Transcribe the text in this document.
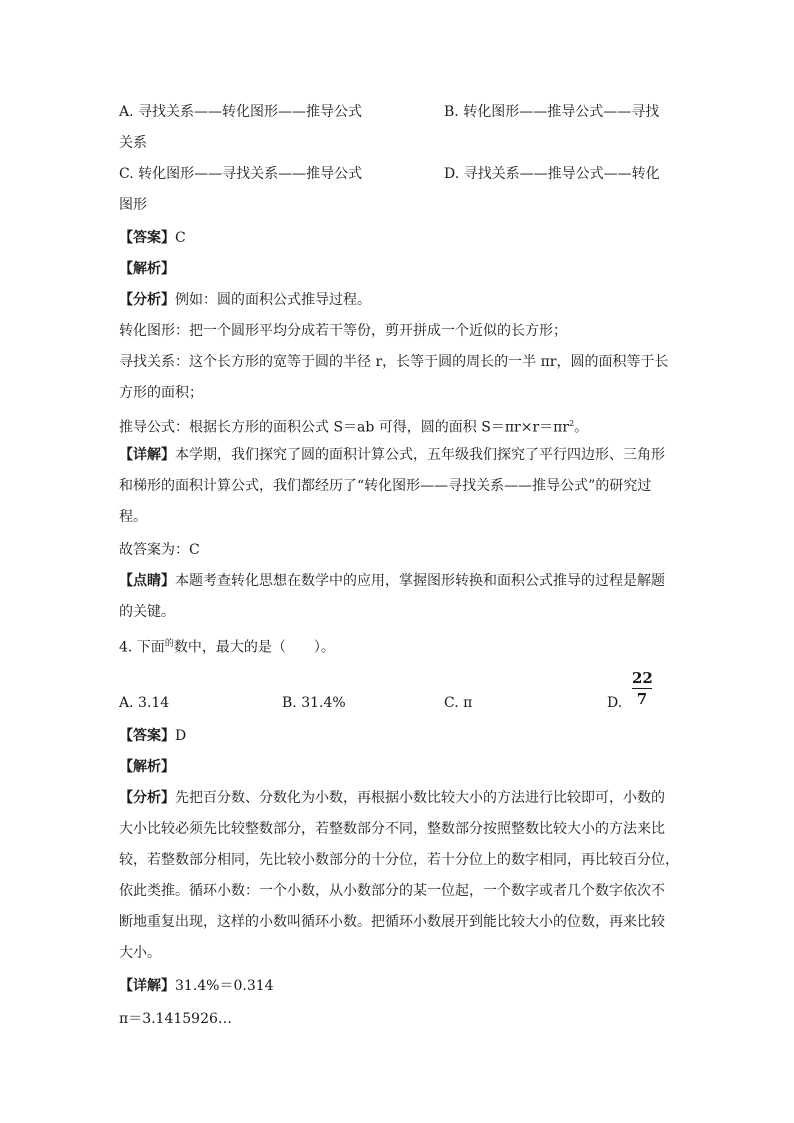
A. 寻找关系——转化图形——推导公式	B. 转化图形——推导公式——寻找
关系
C. 转化图形——寻找关系——推导公式	D. 寻找关系——推导公式——转化
图形
【答案】C
【解析】
【分析】例如：圆的面积公式推导过程。
转化图形：把一个圆形平均分成若干等份，剪开拼成一个近似的长方形；
寻找关系：这个长方形的宽等于圆的半径 r，长等于圆的周长的一半 πr，圆的面积等于长
方形的面积；
推导公式：根据长方形的面积公式 S＝ab 可得，圆的面积 $S=\pi r\times r=\pi r^2$。
【详解】本学期，我们探究了圆的面积计算公式，五年级我们探究了平行四边形、三角形
和梯形的面积计算公式，我们都经历了“转化图形——寻找关系——推导公式”的研究过
程。
故答案为：C
【点睛】本题考查转化思想在数学中的应用，掌握图形转换和面积公式推导的过程是解题
的关键。
4. 下面$^的$数中，最大的是（　　）。
A. 3.14	B. 31.4%	C. π	D.
22
7
【答案】D
【解析】
【分析】先把百分数、分数化为小数，再根据小数比较大小的方法进行比较即可，小数的
大小比较必须先比较整数部分，若整数部分不同，整数部分按照整数比较大小的方法来比
较，若整数部分相同，先比较小数部分的十分位，若十分位上的数字相同，再比较百分位，
依此类推。循环小数：一个小数，从小数部分的某一位起，一个数字或者几个数字依次不
断地重复出现，这样的小数叫循环小数。把循环小数展开到能比较大小的位数，再来比较
大小。
【详解】31.4%＝0.314
π＝3.1415926…
